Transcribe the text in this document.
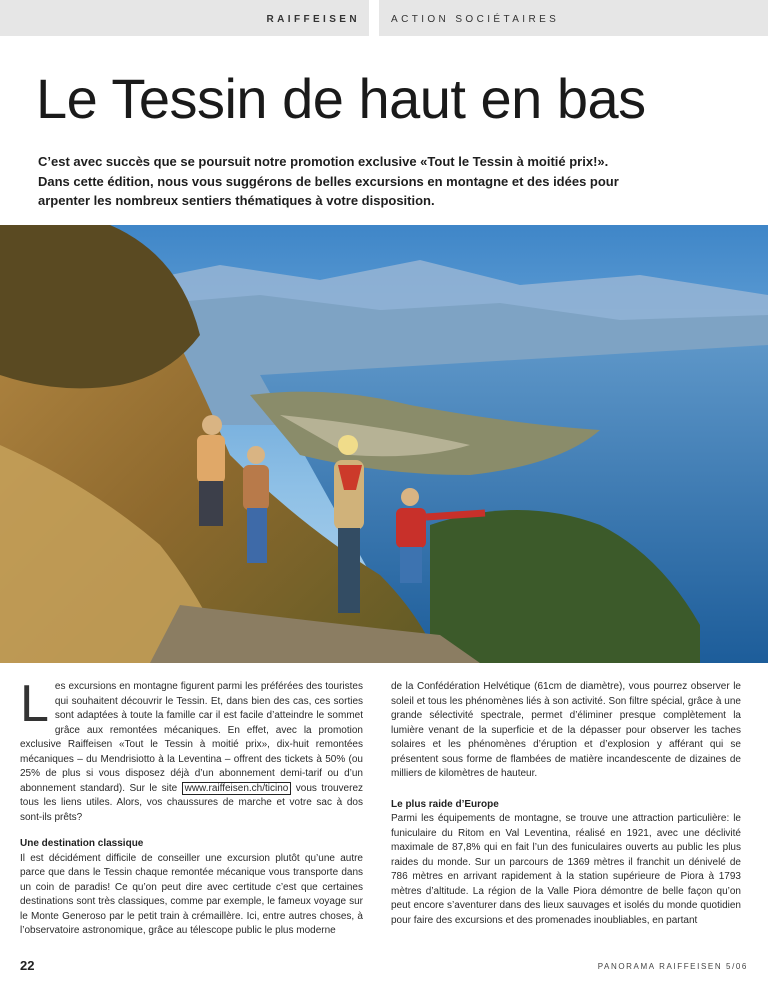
RAIFFEISEN	ACTION SOCIÉTAIRES
Le Tessin de haut en bas
C’est avec succès que se poursuit notre promotion exclusive «Tout le Tessin à moitié prix!». Dans cette édition, nous vous suggérons de belles excursions en montagne et des idées pour arpenter les nombreux sentiers thématiques à votre disposition.

L es excursions en montagne figurent parmi les préférées des touristes qui souhaitent découvrir le Tessin. Et, dans bien des cas, ces sorties sont adaptées à toute la famille car il est facile d’atteindre le sommet grâce aux remontées mécaniques. En effet, avec la promotion exclusive Raiffeisen «Tout le Tessin à moitié prix», dix-huit remontées mécaniques – du Mendrisiotto à la Leventina – offrent des tickets à 50% (ou 25% de plus si vous disposez déjà d’un abonnement demi-tarif ou d’un abonnement standard). Sur le site www.raiffeisen.ch/ticino vous trouverez tous les liens utiles. Alors, vos chaussures de marche et votre sac à dos sont-ils prêts?

Une destination classique

Il est décidément difficile de conseiller une excursion plutôt qu’une autre parce que dans le Tessin chaque remontée mécanique vous transporte dans un coin de paradis! Ce qu’on peut dire avec certitude c’est que certaines destinations sont très classiques, comme par exemple, le fameux voyage sur le Monte Generoso par le petit train à crémaillère. Ici, entre autres choses, à l’observatoire astronomique, grâce au télescope public le plus moderne

de la Confédération Helvétique (61cm de diamètre), vous pourrez observer le soleil et tous les phénomènes liés à son activité. Son filtre spécial, grâce à une grande sélectivité spectrale, permet d’éliminer presque complètement la lumière venant de la superficie et de la dépasser pour observer les taches solaires et les phénomènes d’éruption et d’explosion y afférant qui se présentent sous forme de flambées de matière incandescente de dizaines de milliers de kilomètres de hauteur.

Le plus raide d’Europe

Parmi les équipements de montagne, se trouve une attraction particulière: le funiculaire du Ritom en Val Leventina, réalisé en 1921, avec une déclivité maximale de 87,8% qui en fait l’un des funiculaires ouverts au public les plus raides du monde. Sur un parcours de 1369 mètres il franchit un dénivelé de 786 mètres en arrivant rapidement à la station supérieure de Piora à 1793 mètres d’altitude. La région de la Valle Piora démontre de belle façon qu’on peut encore s’aventurer dans des lieux sauvages et isolés du monde quotidien pour faire des excursions et des promenades inoubliables, en partant

22	PANORAMA RAIFFEISEN 5/06
